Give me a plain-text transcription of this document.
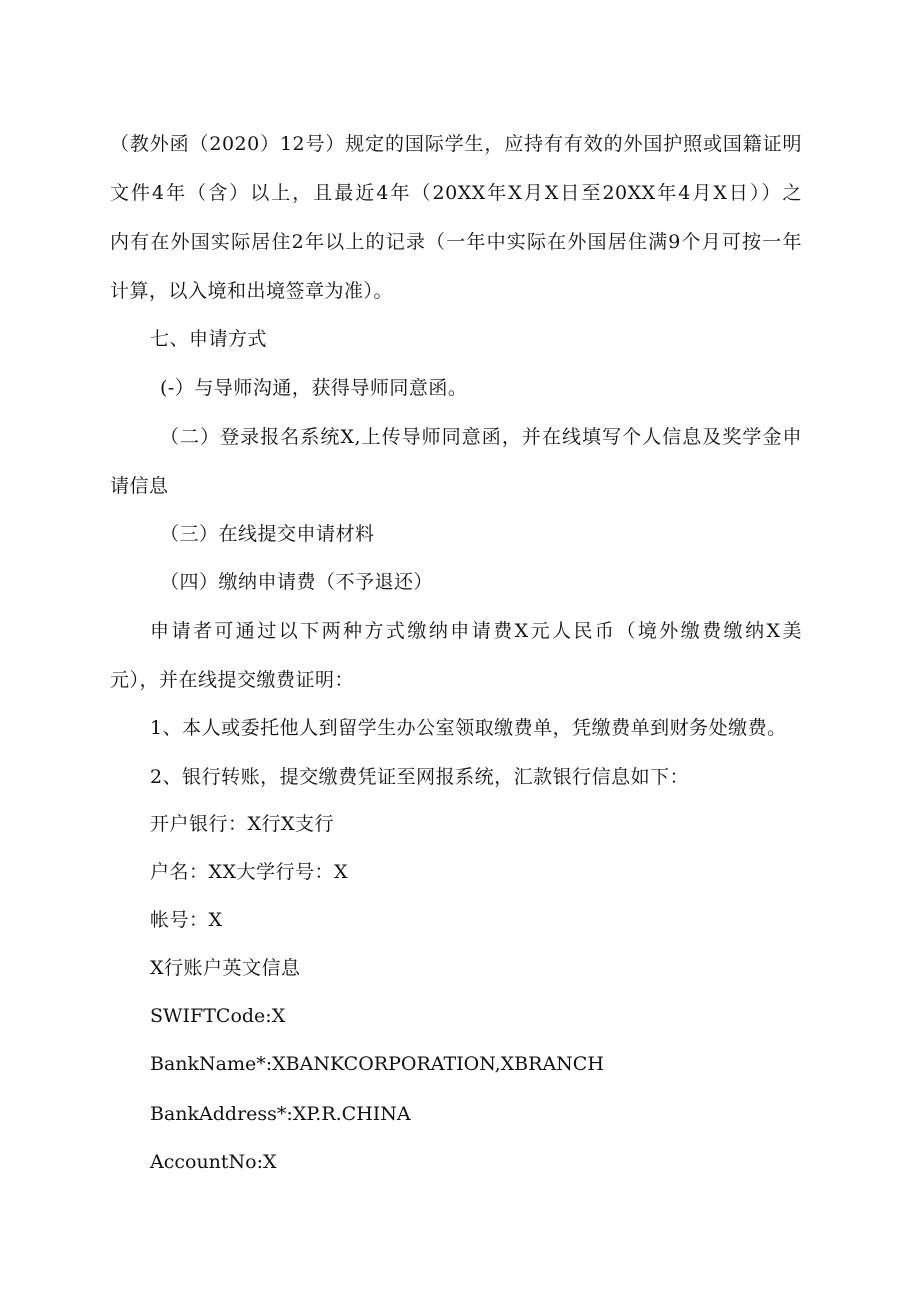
（教外函（2020）12号）规定的国际学生，应持有有效的外国护照或国籍证明
文件4年（含）以上，且最近4年（20XX年X月X日至20XX年4月X日））之
内有在外国实际居住2年以上的记录（一年中实际在外国居住满9个月可按一年
计算，以入境和出境签章为准）。
七、申请方式
(-）与导师沟通，获得导师同意函。
（二）登录报名系统X,上传导师同意函，并在线填写个人信息及奖学金申
请信息
（三）在线提交申请材料
（四）缴纳申请费（不予退还）
申请者可通过以下两种方式缴纳申请费X元人民币（境外缴费缴纳X美
元），并在线提交缴费证明：
1、本人或委托他人到留学生办公室领取缴费单，凭缴费单到财务处缴费。
2、银行转账，提交缴费凭证至网报系统，汇款银行信息如下：
开户银行：X行X支行
户名：XX大学行号：X
帐号：X
X行账户英文信息
SWIFTCode:X
BankName*:XBANKCORPORATION,XBRANCH
BankAddress*:XP.R.CHINA
AccountNo:X
